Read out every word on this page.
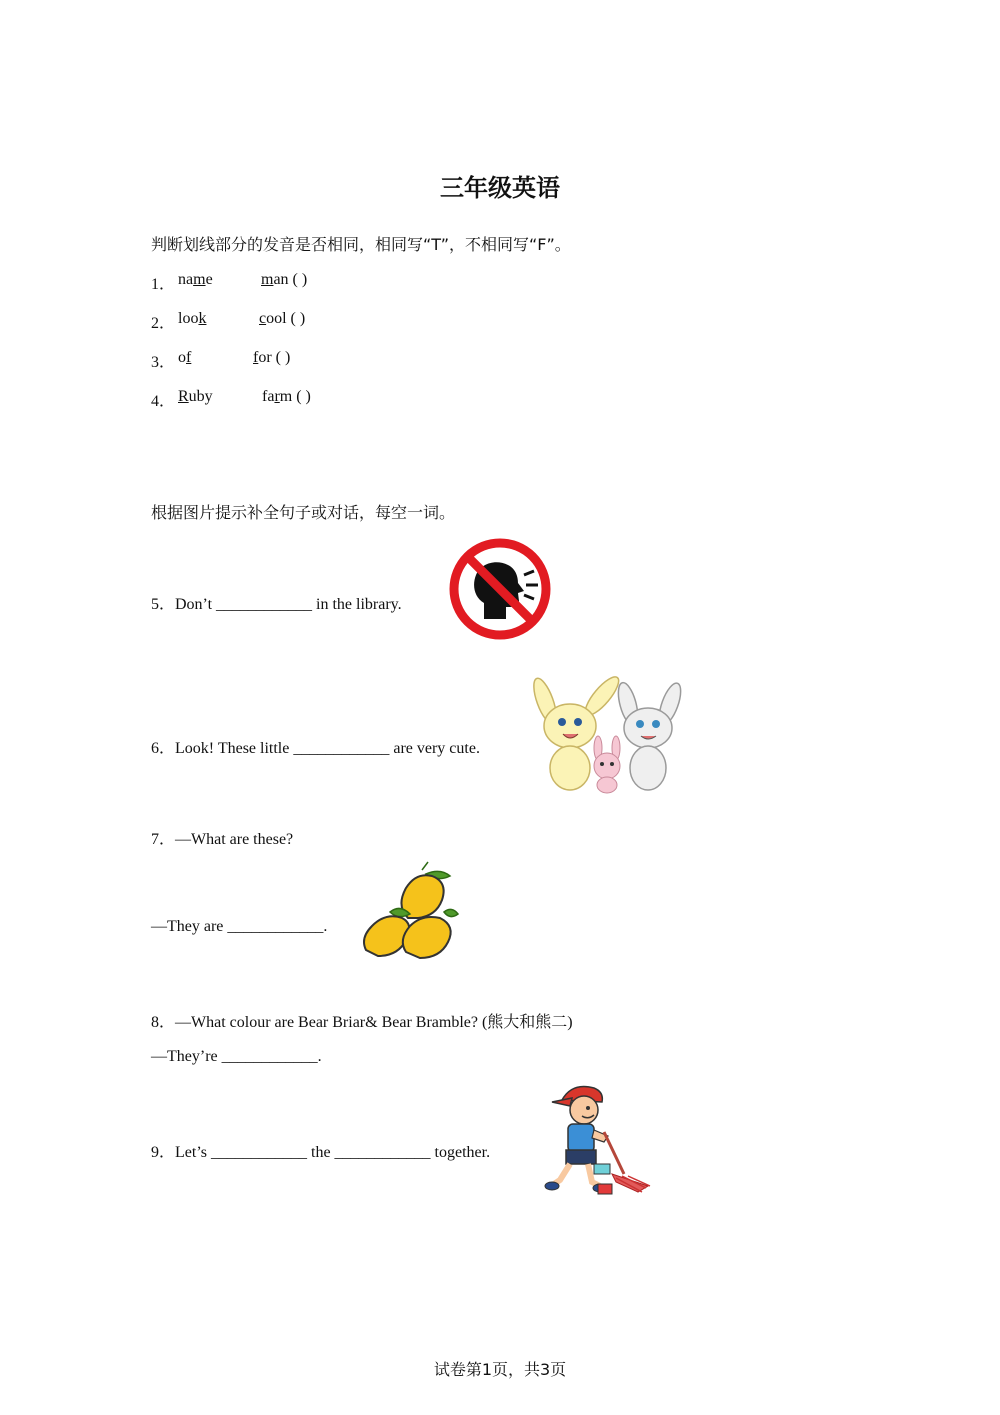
三年级英语
判断划线部分的发音是否相同，相同写“T”，不相同写“F”。
1． name	man ( )
2． look	cool ( )
3． of	for ( )
4． Ruby	farm ( )
根据图片提示补全句子或对话，每空一词。
5．Don’t ____________ in the library.
6．Look! These little ____________ are very cute.
7．—What are these?
—They are ____________.
8．—What colour are Bear Briar& Bear Bramble? (熊大和熊二)
—They’re ____________.
9．Let’s ____________ the ____________ together.
试卷第1页，共3页
